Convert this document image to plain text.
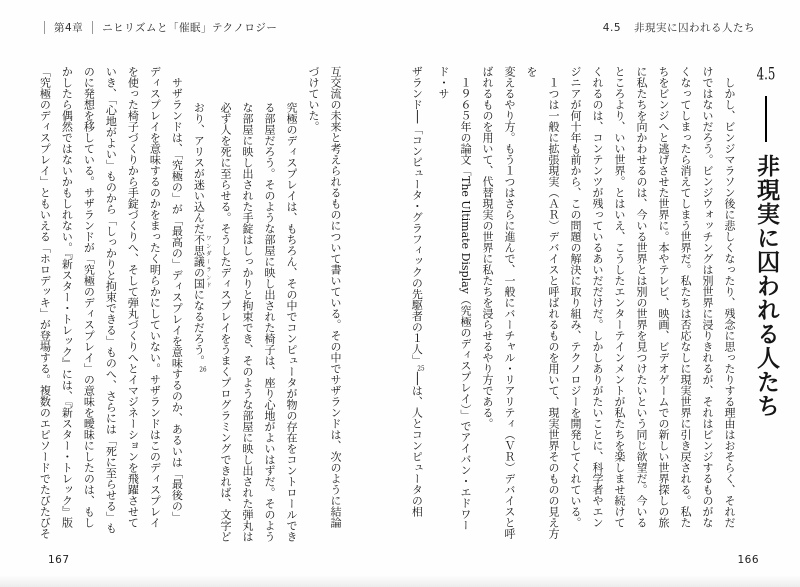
第4章 ニヒリズムと「催眠」テクノロジー	4.5 非現実に囚われる人たち
4.5  非現実に囚われる人たち

しかし、ビンジマラソン後に悲しくなったり、残念に思ったりする理由はおそらく、それだ

けではないだろう。ビンジウォッチングは別世界に浸りきれるが、それはビンジするものがな

くなってしまったら消えてしまう世界だ。私たちは否応なしに現実世界に引き戻される。私た

ちをビンジへと逃げさせた世界に。本やテレビ、映画、ビデオゲームでの新しい世界探しの旅

に私たちを向かわせるのは、今いる世界とは別の世界を見つけたいという同じ欲望だ。今いる

ところより、いい世界。とはいえ、こうしたエンターテインメントが私たちを楽しませ続けて

くれるのは、コンテンツが残っているあいだだけだ。しかしありがたいことに、科学者やエン

ジニアが何十年も前から、この問題の解決に取り組み、テクノロジーを開発してくれている。

１つは一般に拡張現実（ＡＲ）デバイスと呼ばれるものを用いて、現実世界そのものの見え方を

変えるやり方。もう１つはさらに進んで、一般にバーチャル・リアリティ（ＶＲ）デバイスと呼

ばれるものを用いて、代替現実の世界に私たちを浸らせるやり方である。

１９６５年の論文「The Ultimate Display（究極のディスプレイ）」でアイバン・エドワード・サ

ザランド──「コンピュータ・グラフィックの先駆者の１人」$^{25}$──は、人とコンピュータの相

互交流の未来と考えられるものについて書いている。その中でサザランドは、次のように結論

づけていた。

究極のディスプレイは、もちろん、その中でコンピュータが物の存在をコントロールでき

る部屋だろう。そのような部屋に映し出された椅子は、座り心地がよいはずだ。そのよう

な部屋に映し出された手錠はしっかりと拘束でき、そのような部屋に映し出された弾丸は

必ず人を死に至らせる。そうしたディスプレイをうまくプログラミングできれば、文字ど

おり、アリスが迷い込んだ不思議の国 ワンダーランドになるだろう。$^{26}$

サザランドは、「究極の」が「最高の」ディスプレイを意味するのか、あるいは「最後の」

ディスプレイを意味するのかをまったく明らかにしていない。サザランドはこのディスプレイ

を使った椅子づくりから手錠づくりへ、そして弾丸づくりへとイマジネーションを飛躍させて

いき、「心地がよい」ものから「しっかりと拘束できる」ものへ、さらには「死に至らせる」も

のに発想を移している。サザランドが「究極のディスプレイ」の意味を曖昧にしたのは、もし

かしたら偶然ではないかもしれない。『新スター・トレック』には、『新スター・トレック』版

「究極のディスプレイ」ともいえる「ホロデッキ」が登場する。複数のエピソードでたびたびそ

167	166
